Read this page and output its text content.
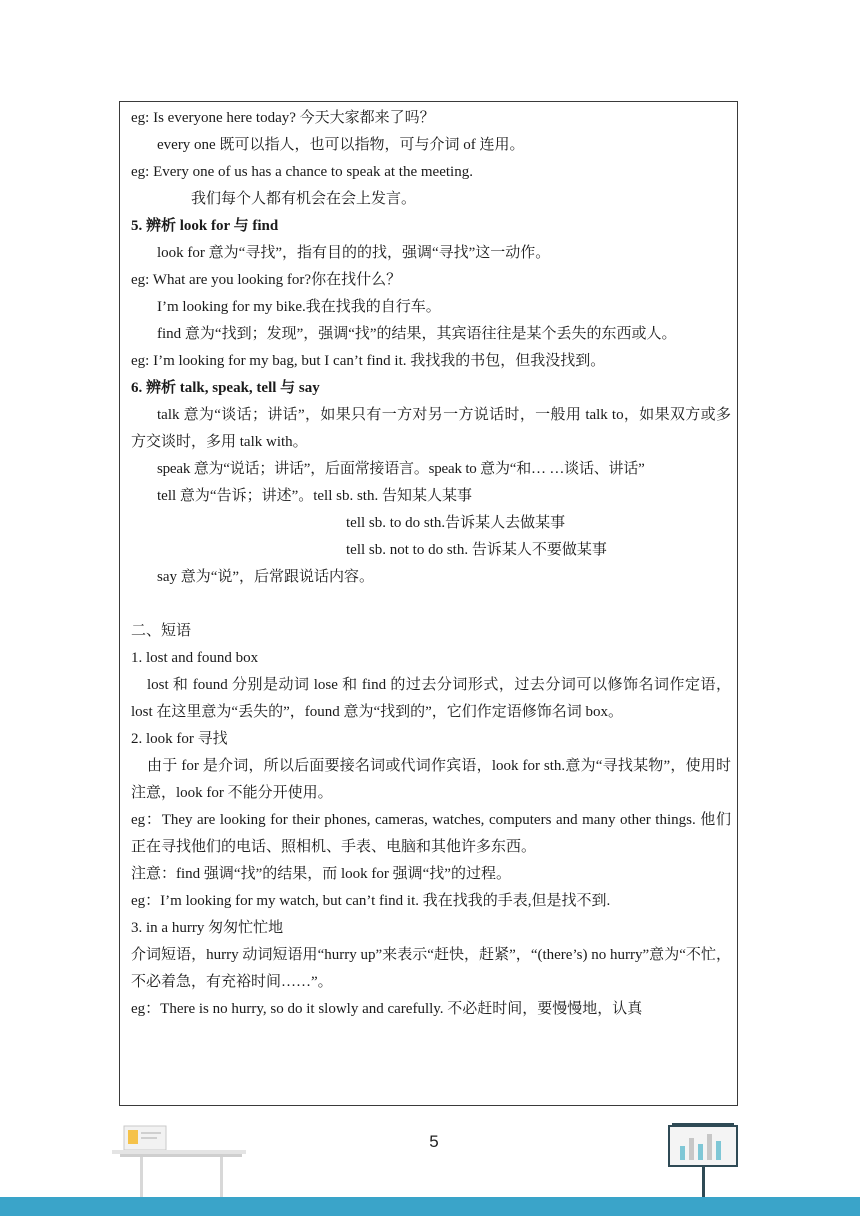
eg: Is everyone here today? 今天大家都来了吗？
every one 既可以指人，也可以指物，可与介词 of 连用。
eg: Every one of us has a chance to speak at the meeting.
我们每个人都有机会在会上发言。
5. 辨析 look for 与 find
look for 意为“寻找”，指有目的的找，强调“寻找”这一动作。
eg: What are you looking for?你在找什么？
I’m looking for my bike.我在找我的自行车。
find 意为“找到；发现”，强调“找”的结果，其宾语往往是某个丢失的东西或人。
eg: I’m looking for my bag, but I can’t find it. 我找我的书包，但我没找到。
6. 辨析 talk, speak, tell 与 say
talk 意为“谈话；讲话”，如果只有一方对另一方说话时，一般用 talk to，如果双方或多方交谈时，多用 talk with。
speak 意为“说话；讲话”，后面常接语言。speak to 意为“和… …谈话、讲话”
tell 意为“告诉；讲述”。tell sb. sth. 告知某人某事
tell sb. to do sth.告诉某人去做某事
tell sb. not to do sth. 告诉某人不要做某事
say 意为“说”，后常跟说话内容。
二、短语
1. lost and found box
lost 和 found 分别是动词 lose 和 find 的过去分词形式，过去分词可以修饰名词作定语，lost 在这里意为“丢失的”，found 意为“找到的”，它们作定语修饰名词 box。
2. look for 寻找
由于 for 是介词，所以后面要接名词或代词作宾语，look for sth.意为“寻找某物”，使用时注意，look for 不能分开使用。
eg：They are looking for their phones, cameras, watches, computers and many other things. 他们正在寻找他们的电话、照相机、手表、电脑和其他许多东西。
注意：find 强调“找”的结果，而 look for 强调“找”的过程。
eg：I’m looking for my watch, but can’t find it. 我在找我的手表,但是找不到.
3. in a hurry 匆匆忙忙地
介词短语，hurry 动词短语用“hurry up”来表示“赶快，赶紧”，“(there’s) no hurry”意为“不忙，不必着急，有充裕时间……”。
eg：There is no hurry, so do it slowly and carefully. 不必赶时间，要慢慢地，认真
5
